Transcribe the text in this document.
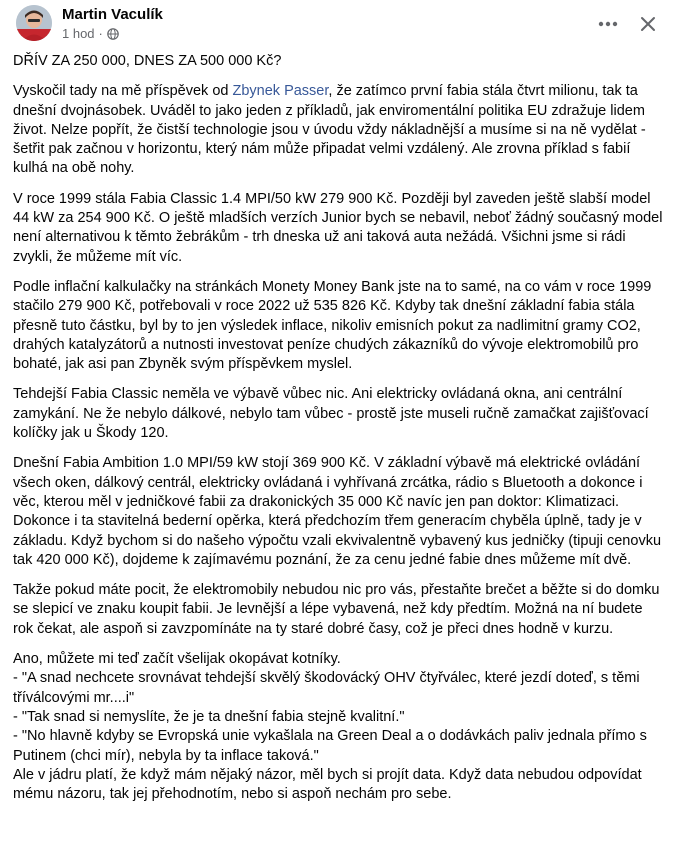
Martin Vaculík
1 hod ·

DŘÍV ZA 250 000, DNES ZA 500 000 Kč?

Vyskočil tady na mě příspěvek od Zbynek Passer, že zatímco první fabia stála čtvrt milionu, tak ta dnešní dvojnásobek. Uváděl to jako jeden z příkladů, jak enviromentální politika EU zdražuje lidem život. Nelze popřít, že čistší technologie jsou v úvodu vždy nákladnější a musíme si na ně vydělat - šetřit pak začnou v horizontu, který nám může připadat velmi vzdálený. Ale zrovna příklad s fabií kulhá na obě nohy.

V roce 1999 stála Fabia Classic 1.4 MPI/50 kW 279 900 Kč. Později byl zaveden ještě slabší model 44 kW za 254 900 Kč. O ještě mladších verzích Junior bych se nebavil, neboť žádný současný model není alternativou k těmto žebrákům - trh dneska už ani taková auta nežádá. Všichni jsme si rádi zvykli, že můžeme mít víc.

Podle inflační kalkulačky na stránkách Monety Money Bank jste na to samé, na co vám v roce 1999 stačilo 279 900 Kč, potřebovali v roce 2022 už 535 826 Kč. Kdyby tak dnešní základní fabia stála přesně tuto částku, byl by to jen výsledek inflace, nikoliv emisních pokut za nadlimitní gramy CO2, drahých katalyzátorů a nutnosti investovat peníze chudých zákazníků do vývoje elektromobilů pro bohaté, jak asi pan Zbyněk svým příspěvkem myslel.

Tehdejší Fabia Classic neměla ve výbavě vůbec nic. Ani elektricky ovládaná okna, ani centrální zamykání. Ne že nebylo dálkové, nebylo tam vůbec - prostě jste museli ručně zamačkat zajišťovací kolíčky jak u Škody 120.

Dnešní Fabia Ambition 1.0 MPI/59 kW stojí 369 900 Kč. V základní výbavě má elektrické ovládání všech oken, dálkový centrál, elektricky ovládaná i vyhřívaná zrcátka, rádio s Bluetooth a dokonce i věc, kterou měl v jedničkové fabii za drakonických 35 000 Kč navíc jen pan doktor: Klimatizaci. Dokonce i ta stavitelná bederní opěrka, která předchozím třem generacím chyběla úplně, tady je v základu. Když bychom si do našeho výpočtu vzali ekvivalentně vybavený kus jedničky (tipuji cenovku tak 420 000 Kč), dojdeme k zajímavému poznání, že za cenu jedné fabie dnes můžeme mít dvě.

Takže pokud máte pocit, že elektromobily nebudou nic pro vás, přestaňte brečet a běžte si do domku se slepicí ve znaku koupit fabii. Je levnější a lépe vybavená, než kdy předtím. Možná na ní budete rok čekat, ale aspoň si zavzpomínáte na ty staré dobré časy, což je přeci dnes hodně v kurzu.

Ano, můžete mi teď začít všelijak okopávat kotníky.
- "A snad nechcete srovnávat tehdejší skvělý škodovácký OHV čtyřválec, které jezdí doteď, s těmi tříválcovými mr....i"
- "Tak snad si nemyslíte, že je ta dnešní fabia stejně kvalitní."
- "No hlavně kdyby se Evropská unie vykašlala na Green Deal a o dodávkách paliv jednala přímo s Putinem (chci mír), nebyla by ta inflace taková."
Ale v jádru platí, že když mám nějaký názor, měl bych si projít data. Když data nebudou odpovídat mému názoru, tak jej přehodnotím, nebo si aspoň nechám pro sebe.
